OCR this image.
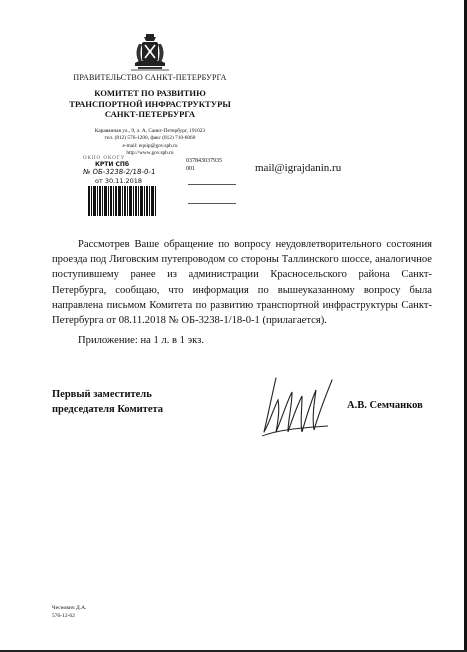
ПРАВИТЕЛЬСТВО САНКТ-ПЕТЕРБУРГА
КОМИТЕТ ПО РАЗВИТИЮ
ТРАНСПОРТНОЙ ИНФРАСТРУКТУРЫ
САНКТ-ПЕТЕРБУРГА
Караванная ул., 9, л. А, Санкт-Петербург, 191023
тел. (812) 576-1200, факс (812) 710-6060
e-mail: equip@gov.spb.ru
http://www.gov.spb.ru
ОКПО ОКОГУ
КРТИ СПб
№ ОБ-3238-2/18-0-1
от 30.11.2018
037843037935
001	mail@igrajdanin.ru
Рассмотрев Ваше обращение по вопросу неудовлетворительного состояния проезда под Лиговским путепроводом со стороны Таллинского шоссе, аналогичное поступившему ранее из администрации Красносельского района Санкт-Петербурга, сообщаю, что информация по вышеуказанному вопросу была направлена письмом Комитета по развитию транспортной инфраструктуры Санкт-Петербурга от 08.11.2018 № ОБ-3238-1/18-0-1 (прилагается).
Приложение: на 1 л. в 1 экз.
Первый заместитель
председателя Комитета	А.В. Семчанков
Чеснович Д.А.
576-12-62
